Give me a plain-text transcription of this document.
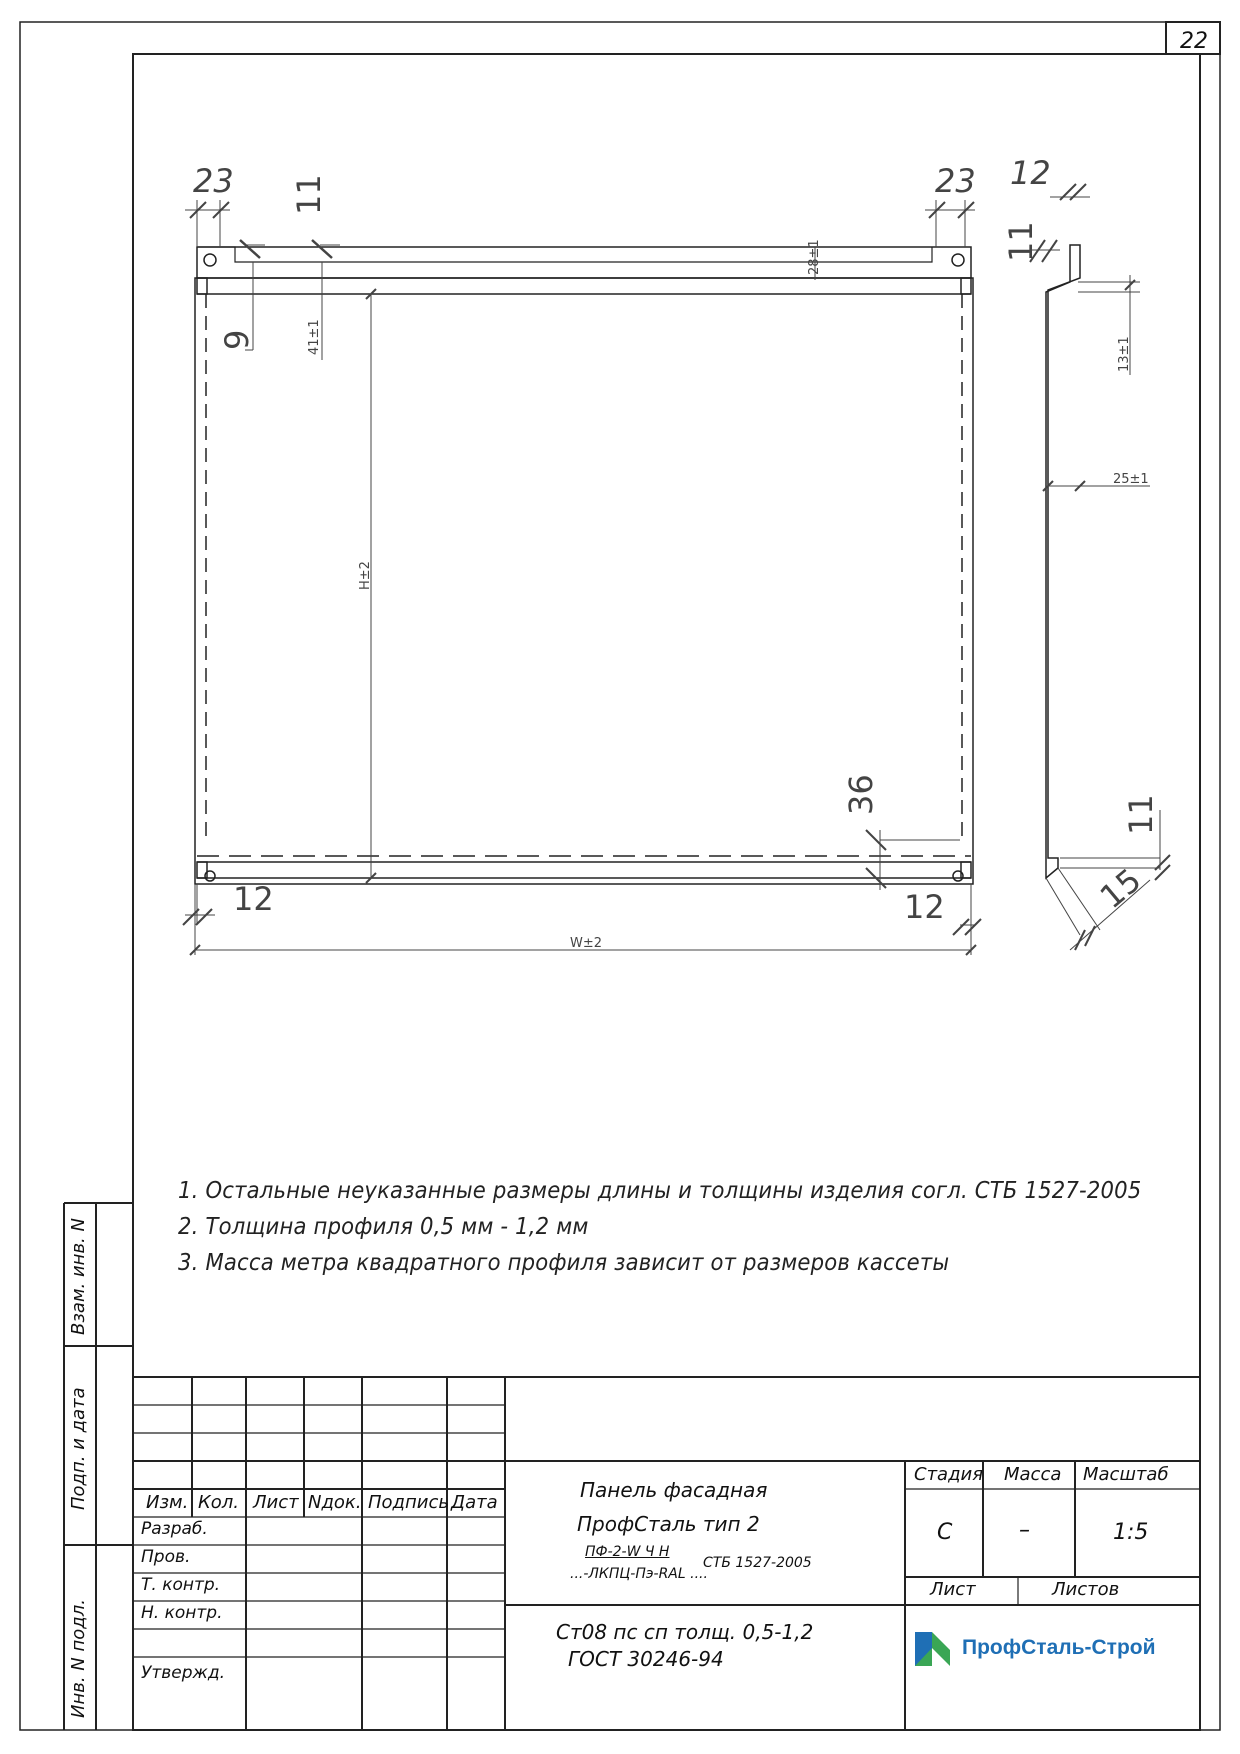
23 11	23 12
9	41±1
28±1
H±2
36
12	12
W±2
11
13±1
25±1
11
15
22
1. Остальные неуказанные размеры длины и толщины изделия согл. СТБ 1527-2005
2. Толщина профиля 0,5 мм - 1,2 мм
3. Масса метра квадратного профиля зависит от размеров кассеты
Взам. инв. N
Подп. и дата
Инв. N подл.
Изм. Кол. Лист Nдок. Подпись Дата
Разраб.
Пров.
Т. контр.
Н. контр.
Утвержд.
Панель фасадная
ПрофСталь тип 2
ПФ-2-W Ч Н
...-ЛКПЦ-Пэ-RAL ....
СТБ 1527-2005
Ст08 пс сп толщ. 0,5-1,2
ГОСТ 30246-94
Стадия Масса Масштаб
С	–	1:5
Лист	Листов
ПрофСталь-Строй
